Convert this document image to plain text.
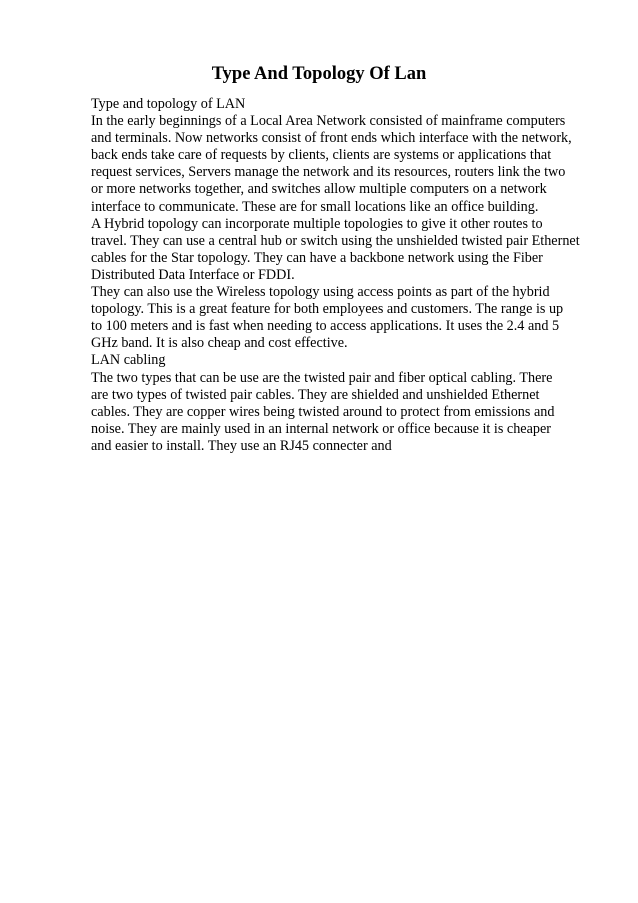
Type And Topology Of Lan
Type and topology of LAN
In the early beginnings of a Local Area Network consisted of mainframe computers
and terminals. Now networks consist of front ends which interface with the network,
back ends take care of requests by clients, clients are systems or applications that
request services, Servers manage the network and its resources, routers link the two
or more networks together, and switches allow multiple computers on a network
interface to communicate. These are for small locations like an office building.
A Hybrid topology can incorporate multiple topologies to give it other routes to
travel. They can use a central hub or switch using the unshielded twisted pair Ethernet
cables for the Star topology. They can have a backbone network using the Fiber
Distributed Data Interface or FDDI.
They can also use the Wireless topology using access points as part of the hybrid
topology. This is a great feature for both employees and customers. The range is up
to 100 meters and is fast when needing to access applications. It uses the 2.4 and 5
GHz band. It is also cheap and cost effective.
LAN cabling
The two types that can be use are the twisted pair and fiber optical cabling. There
are two types of twisted pair cables. They are shielded and unshielded Ethernet
cables. They are copper wires being twisted around to protect from emissions and
noise. They are mainly used in an internal network or office because it is cheaper
and easier to install. They use an RJ45 connecter and
